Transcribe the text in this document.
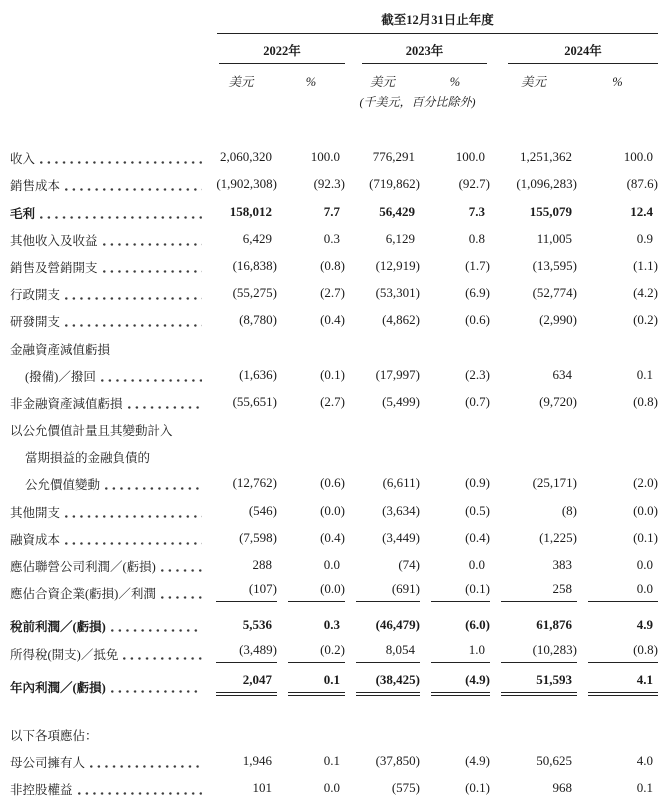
	截至12月31日止年度					

	2022年		2023年		2024年	

	美元	%	美元	%	美元	%
			(千美元，百分比除外)			

收入	2,060,320	100.0	776,291	100.0	1,251,362	100.0

銷售成本	(1,902,308)	(92.3)	(719,862)	(92.7)	(1,096,283)	(87.6)

毛利	158,012	7.7	56,429	7.3	155,079	12.4

其他收入及收益	6,429	0.3	6,129	0.8	11,005	0.9

銷售及營銷開支	(16,838)	(0.8)	(12,919)	(1.7)	(13,595)	(1.1)

行政開支	(55,275)	(2.7)	(53,301)	(6.9)	(52,774)	(4.2)

研發開支	(8,780)	(0.4)	(4,862)	(0.6)	(2,990)	(0.2)

金融資產減值虧損						

(撥備)／撥回	(1,636)	(0.1)	(17,997)	(2.3)	634	0.1

非金融資產減值虧損	(55,651)	(2.7)	(5,499)	(0.7)	(9,720)	(0.8)

以公允價值計量且其變動計入						

當期損益的金融負債的						

公允價值變動	(12,762)	(0.6)	(6,611)	(0.9)	(25,171)	(2.0)

其他開支	(546)	(0.0)	(3,634)	(0.5)	(8)	(0.0)

融資成本	(7,598)	(0.4)	(3,449)	(0.4)	(1,225)	(0.1)

應佔聯營公司利潤／(虧損)	288	0.0	(74)	0.0	383	0.0

應佔合資企業(虧損)／利潤	(107)	(0.0)	(691)	(0.1)	258	0.0

稅前利潤／(虧損)	5,536	0.3	(46,479)	(6.0)	61,876	4.9

所得稅(開支)／抵免	(3,489)	(0.2)	8,054	1.0	(10,283)	(0.8)

年內利潤／(虧損)	2,047	0.1	(38,425)	(4.9)	51,593	4.1

以下各項應佔：						

母公司擁有人	1,946	0.1	(37,850)	(4.9)	50,625	4.0

非控股權益	101	0.0	(575)	(0.1)	968	0.1
